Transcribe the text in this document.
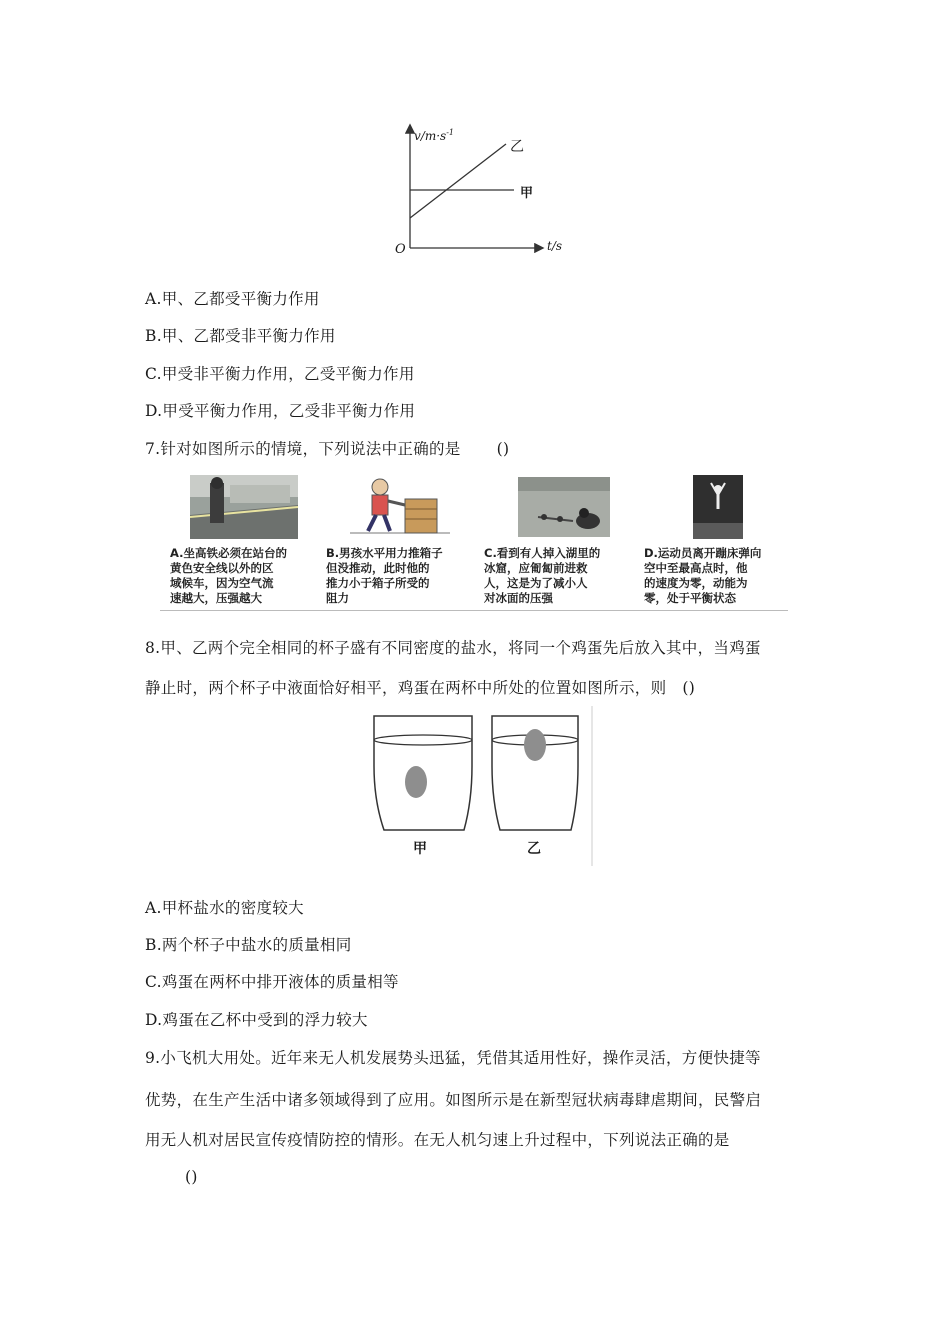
$v/m\cdot s^{-1}$
乙
甲
O	t/s
A.甲、乙都受平衡力作用
B.甲、乙都受非平衡力作用
C.甲受非平衡力作用，乙受平衡力作用
D.甲受平衡力作用，乙受非平衡力作用
7.针对如图所示的情境，下列说法中正确的是 ()
A.坐高铁必须在站台的
黄色安全线以外的区
域候车，因为空气流
速越大，压强越大
B.男孩水平用力推箱子
但没推动，此时他的
推力小于箱子所受的
阻力
C.看到有人掉入湖里的
冰窟，应匍匐前进救
人，这是为了减小人
对冰面的压强
D.运动员离开蹦床弹向
空中至最高点时，他
的速度为零，动能为
零，处于平衡状态
8.甲、乙两个完全相同的杯子盛有不同密度的盐水，将同一个鸡蛋先后放入其中，当鸡蛋
静止时，两个杯子中液面恰好相平，鸡蛋在两杯中所处的位置如图所示，则 ()
甲	乙
A.甲杯盐水的密度较大
B.两个杯子中盐水的质量相同
C.鸡蛋在两杯中排开液体的质量相等
D.鸡蛋在乙杯中受到的浮力较大
9.小飞机大用处。近年来无人机发展势头迅猛，凭借其适用性好，操作灵活，方便快捷等
优势，在生产生活中诸多领域得到了应用。如图所示是在新型冠状病毒肆虐期间，民警启
用无人机对居民宣传疫情防控的情形。在无人机匀速上升过程中，下列说法正确的是
()
